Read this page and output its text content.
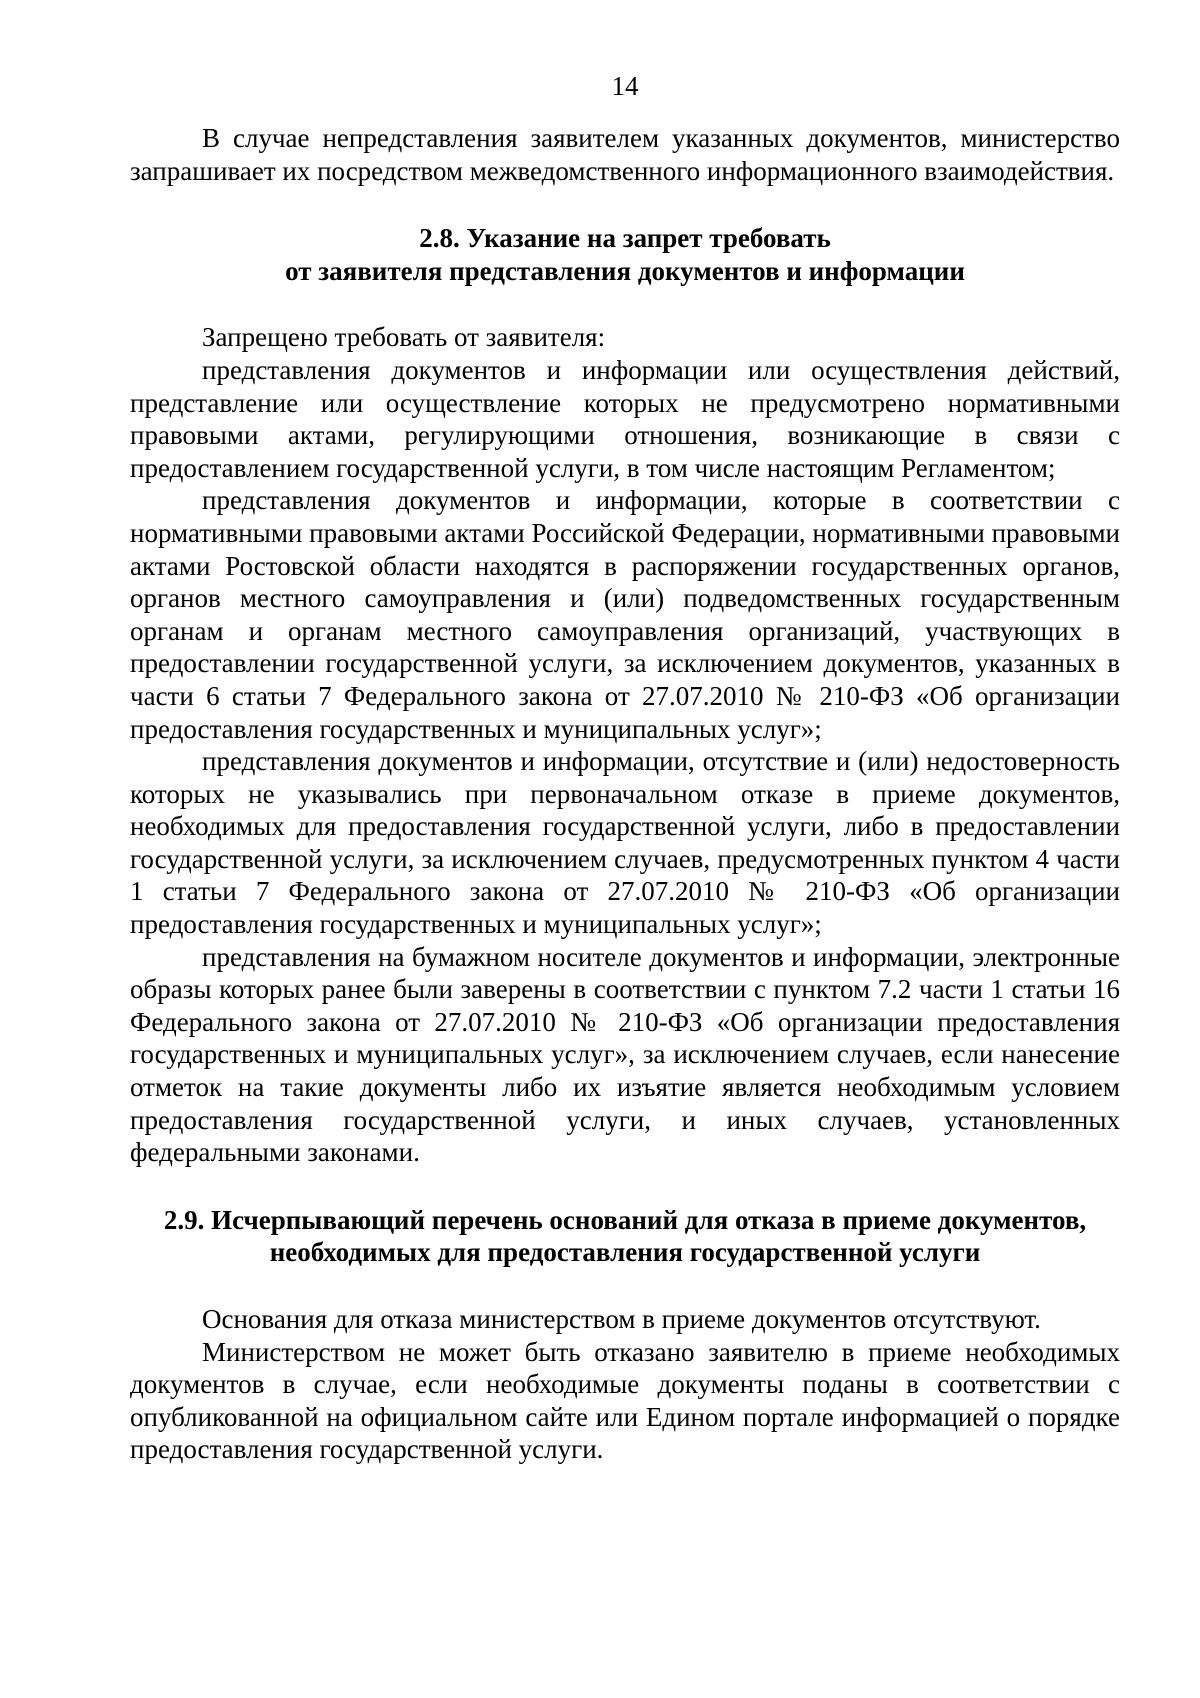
14

В случае непредставления заявителем указанных документов, министерство запрашивает их посредством межведомственного информационного взаимодействия.

2.8. Указание на запрет требовать
от заявителя представления документов и информации

Запрещено требовать от заявителя:

представления документов и информации или осуществления действий, представление или осуществление которых не предусмотрено нормативными правовыми актами, регулирующими отношения, возникающие в связи с предоставлением государственной услуги, в том числе настоящим Регламентом;

представления документов и информации, которые в соответствии с нормативными правовыми актами Российской Федерации, нормативными правовыми актами Ростовской области находятся в распоряжении государственных органов, органов местного самоуправления и (или) подведомственных государственным органам и органам местного самоуправления организаций, участвующих в предоставлении государственной услуги, за исключением документов, указанных в части 6 статьи 7 Федерального закона от 27.07.2010 № 210-ФЗ «Об организации предоставления государственных и муниципальных услуг»;

представления документов и информации, отсутствие и (или) недостоверность которых не указывались при первоначальном отказе в приеме документов, необходимых для предоставления государственной услуги, либо в предоставлении государственной услуги, за исключением случаев, предусмотренных пунктом 4 части 1 статьи 7 Федерального закона от 27.07.2010 № 210-ФЗ «Об организации предоставления государственных и муниципальных услуг»;

представления на бумажном носителе документов и информации, электронные образы которых ранее были заверены в соответствии с пунктом 7.2 части 1 статьи 16 Федерального закона от 27.07.2010 № 210-ФЗ «Об организации предоставления государственных и муниципальных услуг», за исключением случаев, если нанесение отметок на такие документы либо их изъятие является необходимым условием предоставления государственной услуги, и иных случаев, установленных федеральными законами.

2.9. Исчерпывающий перечень оснований для отказа в приеме документов,
необходимых для предоставления государственной услуги

Основания для отказа министерством в приеме документов отсутствуют.

Министерством не может быть отказано заявителю в приеме необходимых документов в случае, если необходимые документы поданы в соответствии с опубликованной на официальном сайте или Едином портале информацией о порядке предоставления государственной услуги.
